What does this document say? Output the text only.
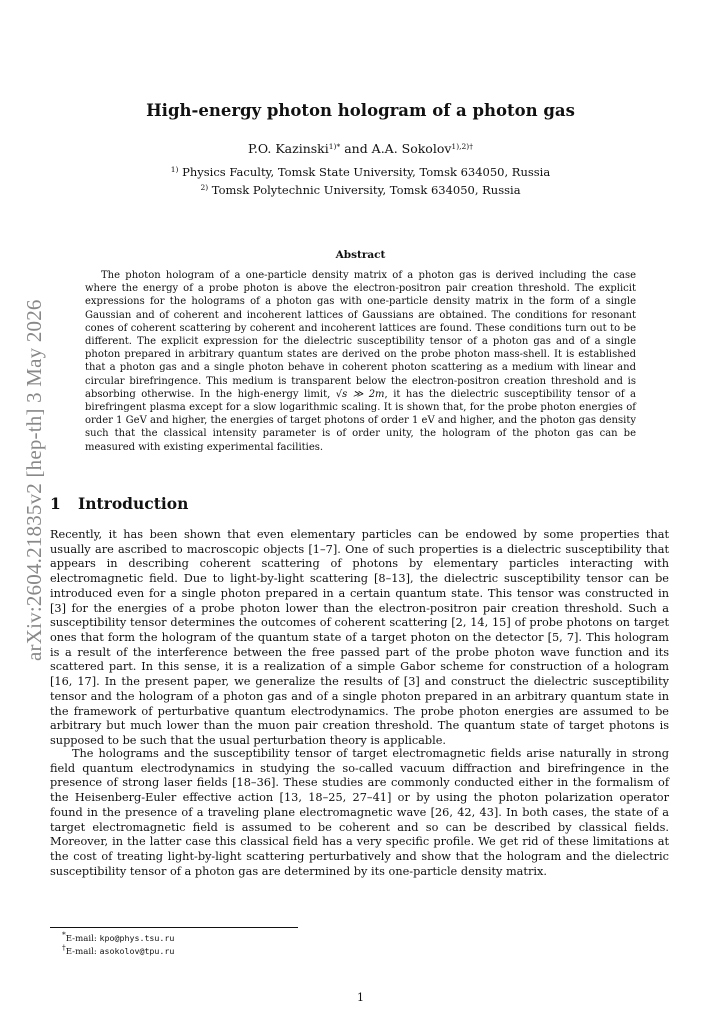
arXiv:2604.21835v2 [hep-th] 3 May 2026
High-energy photon hologram of a photon gas
P.O. Kazinski$^{1)*}$ and A.A. Sokolov$^{1),2)\dagger}$
$^{1)}$ Physics Faculty, Tomsk State University, Tomsk 634050, Russia
$^{2)}$ Tomsk Polytechnic University, Tomsk 634050, Russia
Abstract
The photon hologram of a one-particle density matrix of a photon gas is derived including the case where the energy of a probe photon is above the electron-positron pair creation threshold. The explicit expressions for the holograms of a photon gas with one-particle density matrix in the form of a single Gaussian and of coherent and incoherent lattices of Gaussians are obtained. The conditions for resonant cones of coherent scattering by coherent and incoherent lattices are found. These conditions turn out to be different. The explicit expression for the dielectric susceptibility tensor of a photon gas and of a single photon prepared in arbitrary quantum states are derived on the probe photon mass-shell. It is established that a photon gas and a single photon behave in coherent photon scattering as a medium with linear and circular birefringence. This medium is transparent below the electron-positron creation threshold and is absorbing otherwise. In the high-energy limit, √s ≫ 2m, it has the dielectric susceptibility tensor of a birefringent plasma except for a slow logarithmic scaling. It is shown that, for the probe photon energies of order 1 GeV and higher, the energies of target photons of order 1 eV and higher, and the photon gas density such that the classical intensity parameter is of order unity, the hologram of the photon gas can be measured with existing experimental facilities.
1 Introduction
Recently, it has been shown that even elementary particles can be endowed by some properties that usually are ascribed to macroscopic objects [1–7]. One of such properties is a dielectric susceptibility that appears in describing coherent scattering of photons by elementary particles interacting with electromagnetic field. Due to light-by-light scattering [8–13], the dielectric susceptibility tensor can be introduced even for a single photon prepared in a certain quantum state. This tensor was constructed in [3] for the energies of a probe photon lower than the electron-positron pair creation threshold. Such a susceptibility tensor determines the outcomes of coherent scattering [2, 14, 15] of probe photons on target ones that form the hologram of the quantum state of a target photon on the detector [5, 7]. This hologram is a result of the interference between the free passed part of the probe photon wave function and its scattered part. In this sense, it is a realization of a simple Gabor scheme for construction of a hologram [16, 17]. In the present paper, we generalize the results of [3] and construct the dielectric susceptibility tensor and the hologram of a photon gas and of a single photon prepared in an arbitrary quantum state in the framework of perturbative quantum electrodynamics. The probe photon energies are assumed to be arbitrary but much lower than the muon pair creation threshold. The quantum state of target photons is supposed to be such that the usual perturbation theory is applicable.
The holograms and the susceptibility tensor of target electromagnetic fields arise naturally in strong field quantum electrodynamics in studying the so-called vacuum diffraction and birefringence in the presence of strong laser fields [18–36]. These studies are commonly conducted either in the formalism of the Heisenberg-Euler effective action [13, 18–25, 27–41] or by using the photon polarization operator found in the presence of a traveling plane electromagnetic wave [26, 42, 43]. In both cases, the state of a target electromagnetic field is assumed to be coherent and so can be described by classical fields. Moreover, in the latter case this classical field has a very specific profile. We get rid of these limitations at the cost of treating light-by-light scattering perturbatively and show that the hologram and the dielectric susceptibility tensor of a photon gas are determined by its one-particle density matrix.
*E-mail: kpo@phys.tsu.ru
†E-mail: asokolov@tpu.ru
1
